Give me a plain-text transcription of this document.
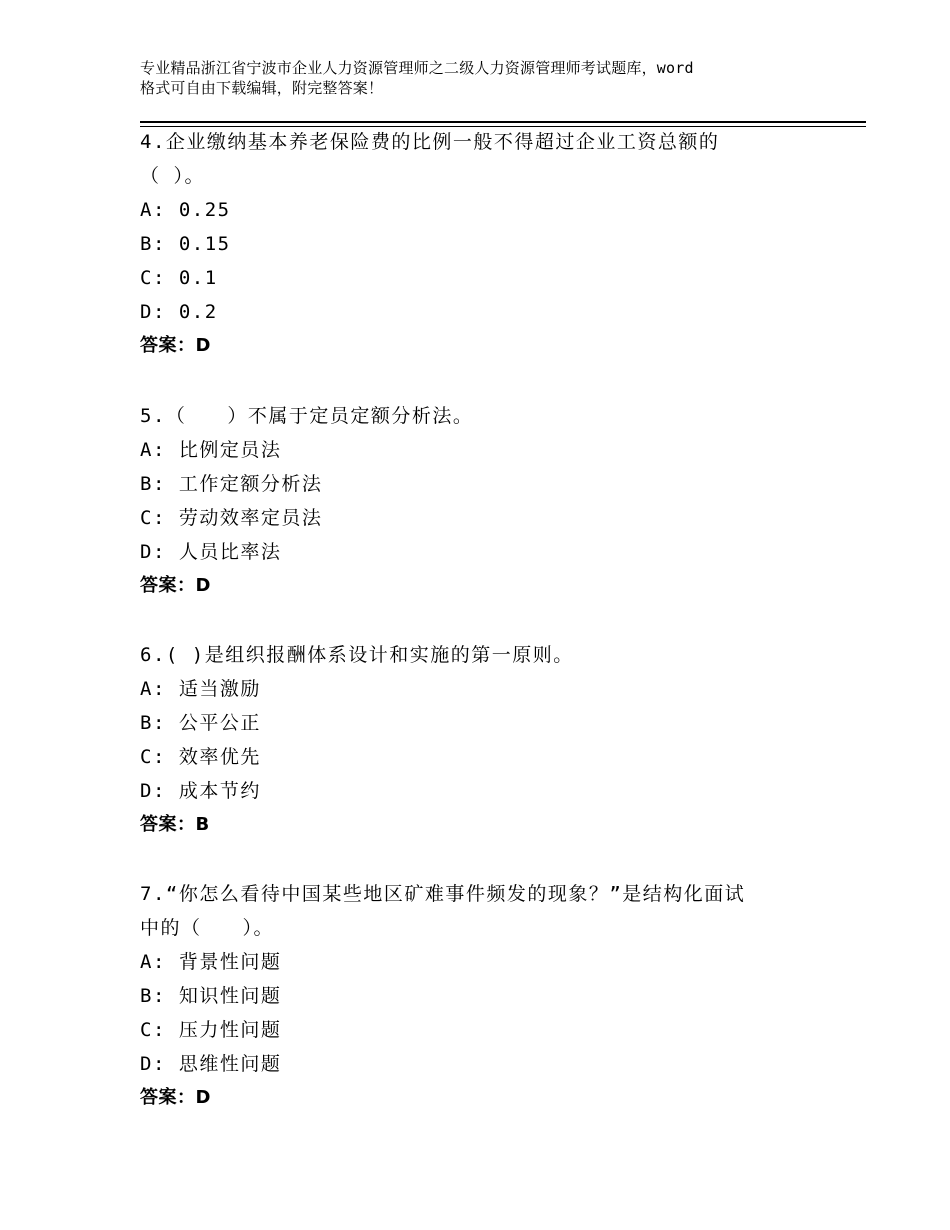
专业精品浙江省宁波市企业人力资源管理师之二级人力资源管理师考试题库，word
格式可自由下载编辑，附完整答案！
4.企业缴纳基本养老保险费的比例一般不得超过企业工资总额的
（ ）。
A: 0.25
B: 0.15
C: 0.1
D: 0.2
答案：D
5.（　　）不属于定员定额分析法。
A: 比例定员法
B: 工作定额分析法
C: 劳动效率定员法
D: 人员比率法
答案：D
6.( )是组织报酬体系设计和实施的第一原则。
A: 适当激励
B: 公平公正
C: 效率优先
D: 成本节约
答案：B
7.“你怎么看待中国某些地区矿难事件频发的现象？”是结构化面试
中的（　　）。
A: 背景性问题
B: 知识性问题
C: 压力性问题
D: 思维性问题
答案：D
